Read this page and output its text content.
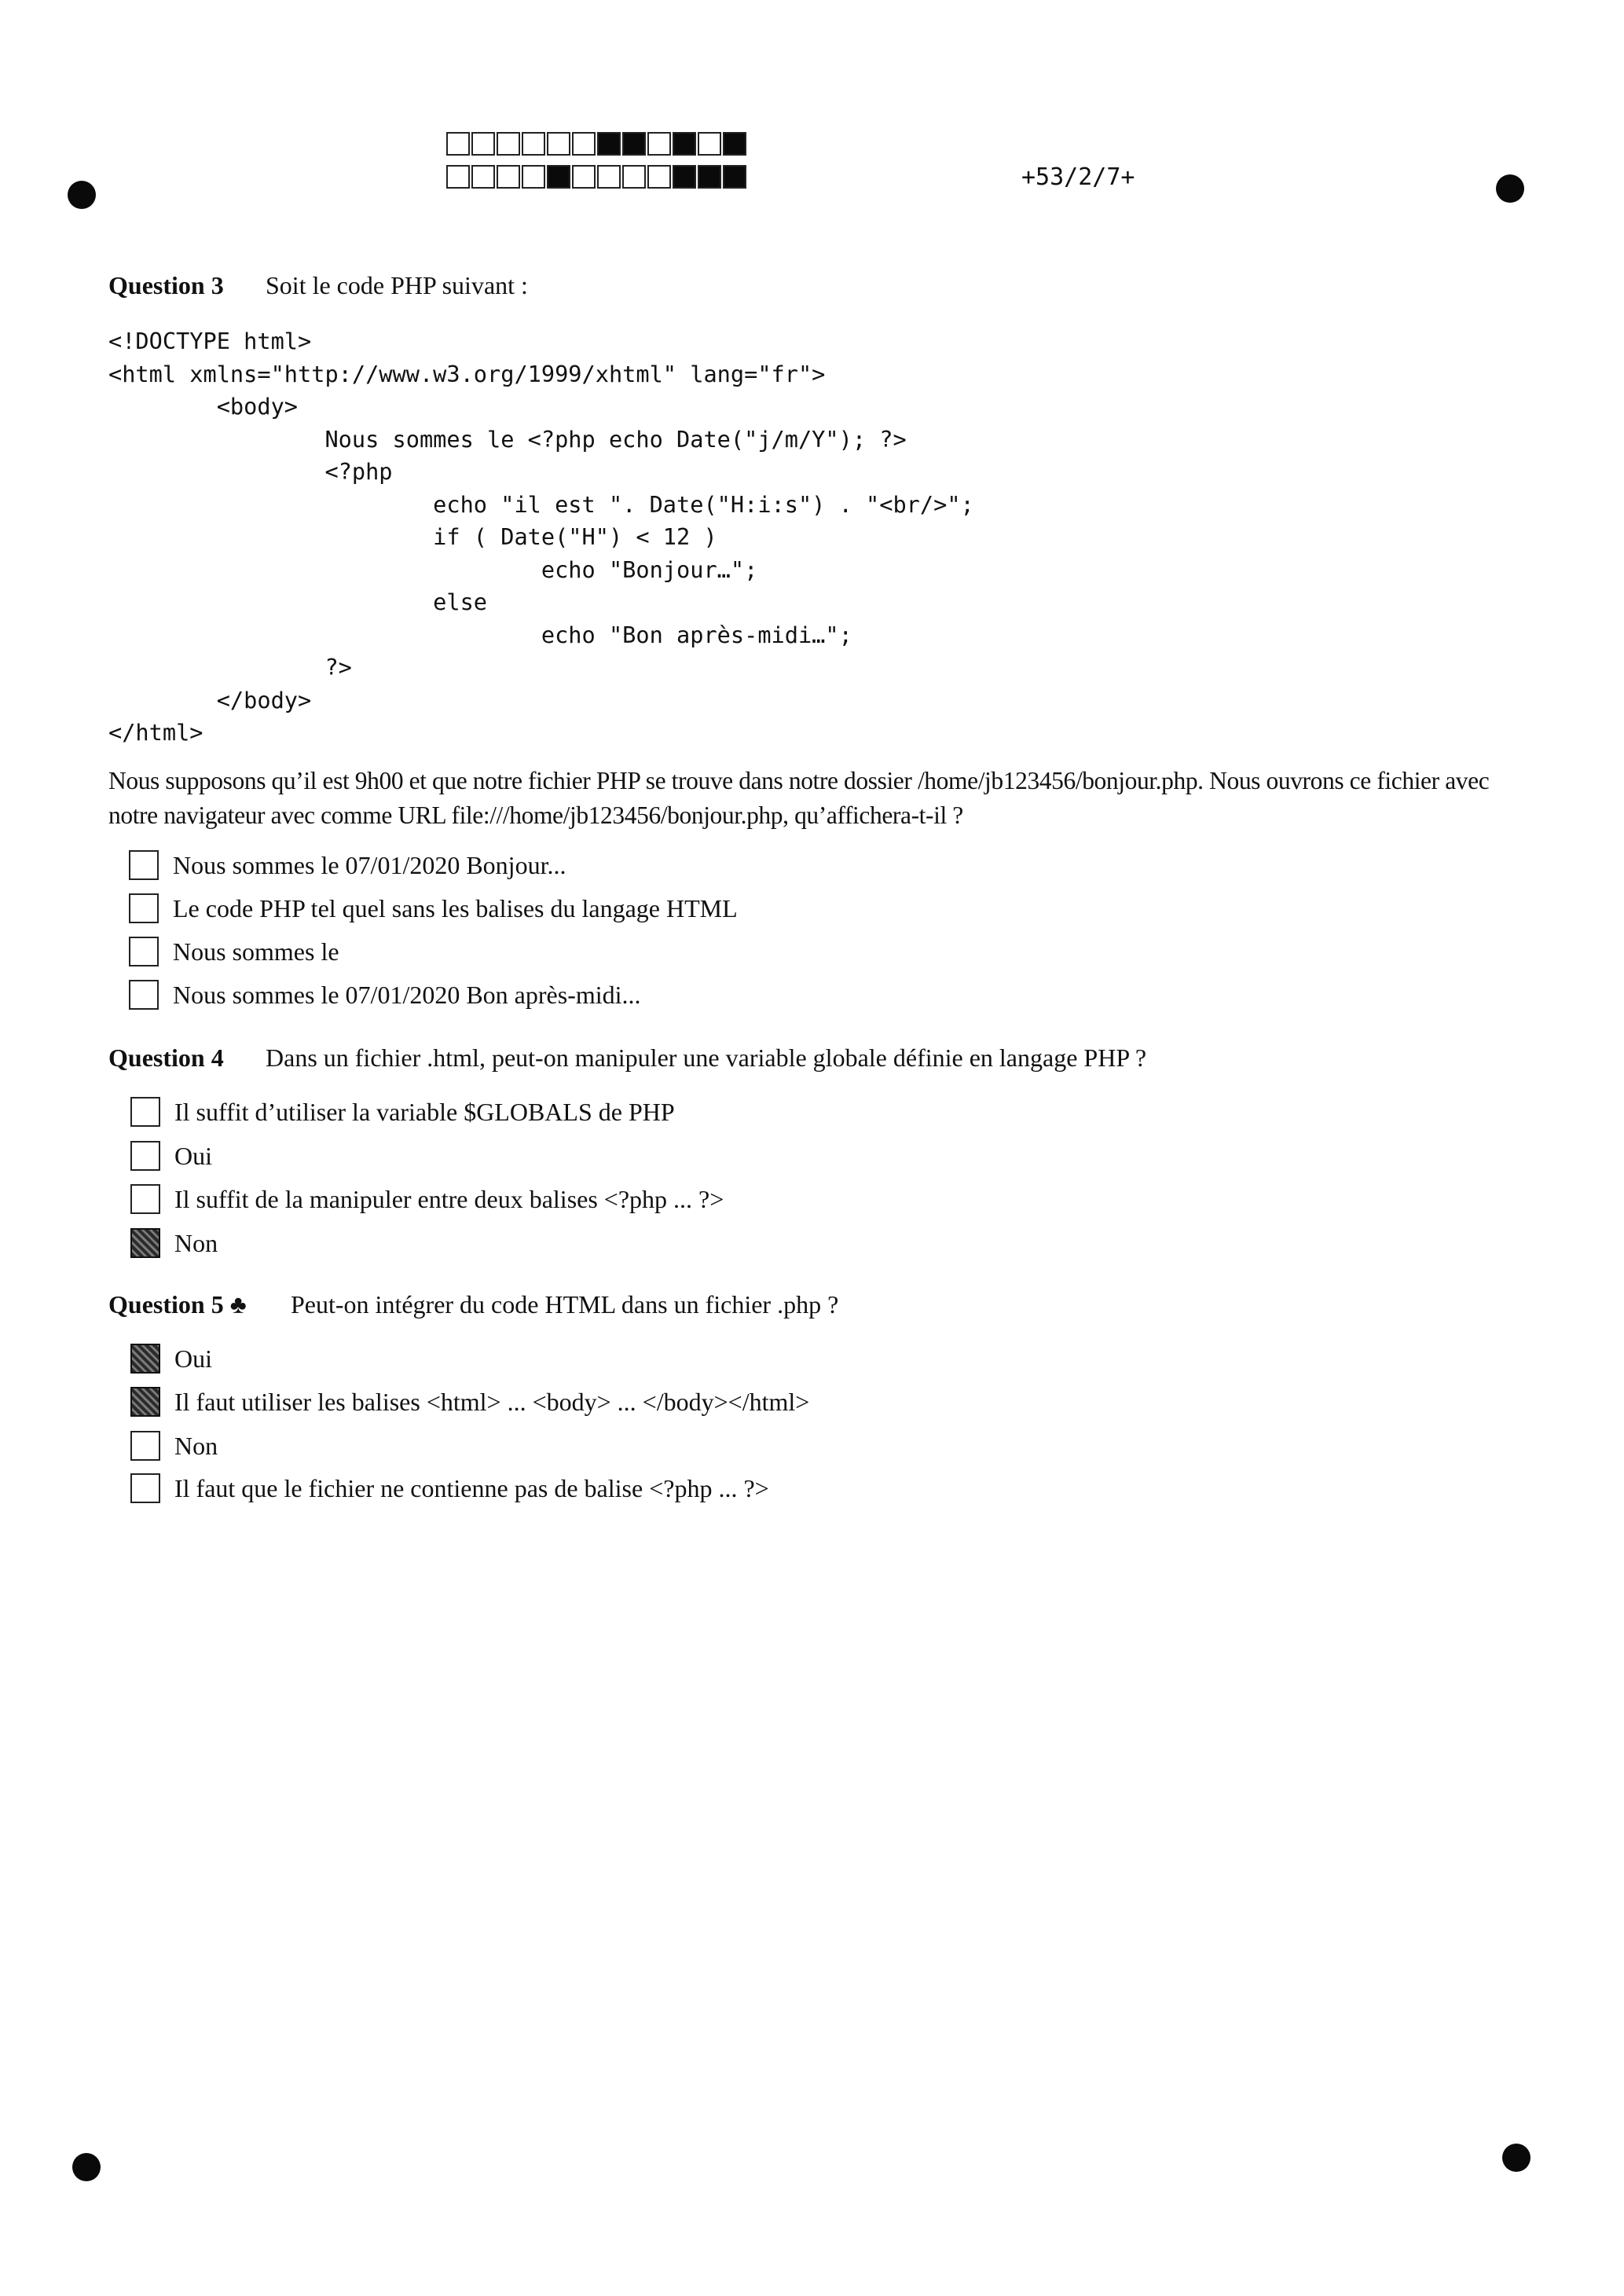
+53/2/7+
Question 3	Soit le code PHP suivant :
<!DOCTYPE html>
<html xmlns="http://www.w3.org/1999/xhtml" lang="fr">
<body>
Nous sommes le <?php echo Date("j/m/Y"); ?>
<?php
echo "il est ". Date("H:i:s") . "<br/>";
if ( Date("H") < 12 )
echo "Bonjour…";
else
echo "Bon après-midi…";
?>
</body>
</html>
Nous supposons qu’il est 9h00 et que notre fichier PHP se trouve dans notre dossier /home/jb123456/bonjour.php. Nous ouvrons ce fichier avec notre navigateur avec comme URL file:///home/jb123456/bonjour.php, qu’affichera-t-il ?
Nous sommes le 07/01/2020 Bonjour...
Le code PHP tel quel sans les balises du langage HTML
Nous sommes le
Nous sommes le 07/01/2020 Bon après-midi...
Question 4	Dans un fichier .html, peut-on manipuler une variable globale définie en langage PHP ?
Il suffit d’utiliser la variable $GLOBALS de PHP
Oui
Il suffit de la manipuler entre deux balises <?php ... ?>
Non
Question 5 ♣	Peut-on intégrer du code HTML dans un fichier .php ?
Oui
Il faut utiliser les balises <html> ... <body> ... </body></html>
Non
Il faut que le fichier ne contienne pas de balise <?php ... ?>
